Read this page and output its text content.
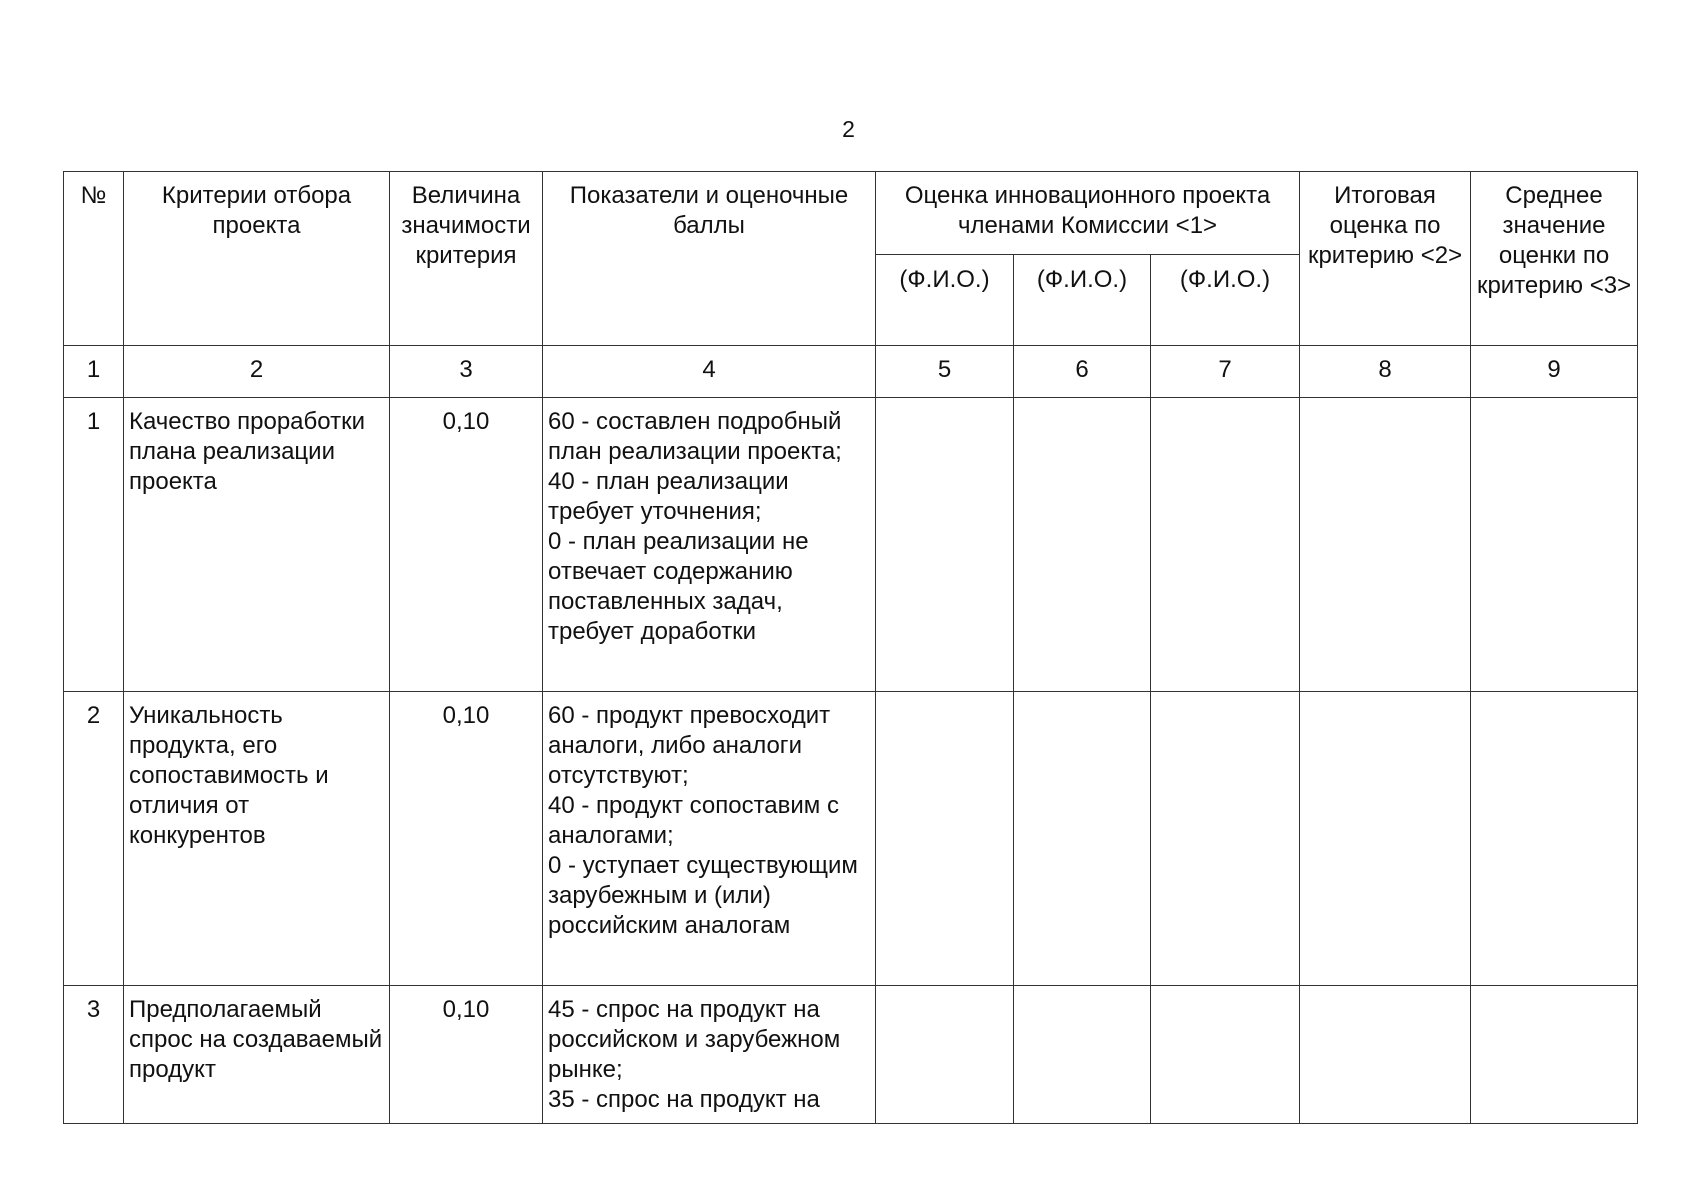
2
№	Критерии отбора проекта	Величина значимости критерия	Показатели и оценочные баллы	Оценка инновационного проекта членами Комиссии <1>			Итоговая оценка по критерию <2>	Среднее значение оценки по критерию <3>
				(Ф.И.О.)	(Ф.И.О.)	(Ф.И.О.)		
1	2	3	4	5	6	7	8	9
1	Качество проработки плана реализации проекта	0,10	60 - составлен подробный план реализации проекта;
40 - план реализации требует уточнения;
0 - план реализации не отвечает содержанию поставленных задач, требует доработки					
2	Уникальность продукта, его сопоставимость и отличия от конкурентов	0,10	60 - продукт превосходит аналоги, либо аналоги отсутствуют;
40 - продукт сопоставим с аналогами;
0 - уступает существующим зарубежным и (или) российским аналогам					
3	Предполагаемый спрос на создаваемый продукт	0,10	45 - спрос на продукт на российском и зарубежном рынке;
35 - спрос на продукт на					
